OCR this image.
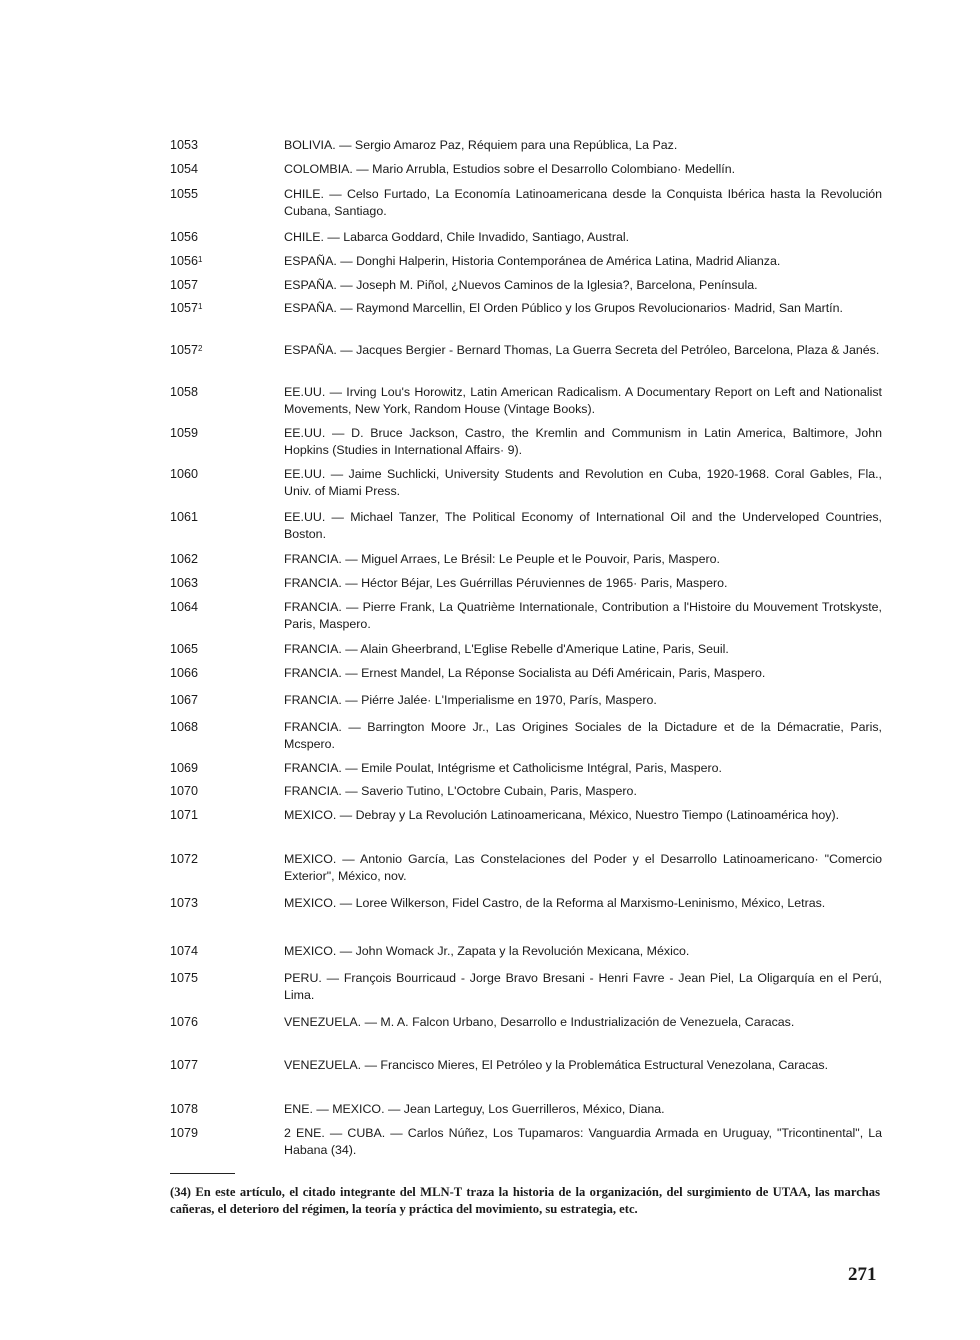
1053	BOLIVIA. — Sergio Amaroz Paz, Réquiem para una República, La Paz.
1054	COLOMBIA. — Mario Arrubla, Estudios sobre el Desarrollo Colombiano· Medellín.
1055	CHILE. — Celso Furtado, La Economía Latinoamericana desde la Conquista Ibérica hasta la Revolución Cubana, Santiago.
1056	CHILE. — Labarca Goddard, Chile Invadido, Santiago, Austral.
1056$^1$	ESPAÑA. — Donghi Halperin, Historia Contemporánea de América Latina, Madrid Alianza.
1057	ESPAÑA. — Joseph M. Piñol, ¿Nuevos Caminos de la Iglesia?, Barcelona, Península.
1057$^1$	ESPAÑA. — Raymond Marcellin, El Orden Público y los Grupos Revolucionarios· Madrid, San Martín.
1057$^2$	ESPAÑA. — Jacques Bergier - Bernard Thomas, La Guerra Secreta del Petróleo, Barcelona, Plaza & Janés.
1058	EE.UU. — Irving Lou's Horowitz, Latin American Radicalism. A Documentary Report on Left and Nationalist Movements, New York, Random House (Vintage Books).
1059	EE.UU. — D. Bruce Jackson, Castro, the Kremlin and Communism in Latin America, Baltimore, John Hopkins (Studies in International Affairs· 9).
1060	EE.UU. — Jaime Suchlicki, University Students and Revolution en Cuba, 1920-1968. Coral Gables, Fla., Univ. of Miami Press.
1061	EE.UU. — Michael Tanzer, The Political Economy of International Oil and the Underveloped Countries, Boston.
1062	FRANCIA. — Miguel Arraes, Le Brésil: Le Peuple et le Pouvoir, Paris, Maspero.
1063	FRANCIA. — Héctor Béjar, Les Guérrillas Péruviennes de 1965· Paris, Maspero.
1064	FRANCIA. — Pierre Frank, La Quatrième Internationale, Contribution a l'Histoire du Mouvement Trotskyste, Paris, Maspero.
1065	FRANCIA. — Alain Gheerbrand, L'Eglise Rebelle d'Amerique Latine, Paris, Seuil.
1066	FRANCIA. — Ernest Mandel, La Réponse Socialista au Défi Américain, Paris, Maspero.
1067	FRANCIA. — Piérre Jalée· L'Imperialisme en 1970, París, Maspero.
1068	FRANCIA. — Barrington Moore Jr., Las Origines Sociales de la Dictadure et de la Démacratie, Paris, Mcspero.
1069	FRANCIA. — Emile Poulat, Intégrisme et Catholicisme Intégral, Paris, Maspero.
1070	FRANCIA. — Saverio Tutino, L'Octobre Cubain, Paris, Maspero.
1071	MEXICO. — Debray y La Revolución Latinoamericana, México, Nuestro Tiempo (Latinoamérica hoy).
1072	MEXICO. — Antonio García, Las Constelaciones del Poder y el Desarrollo Latinoamericano· "Comercio Exterior", México, nov.
1073	MEXICO. — Loree Wilkerson, Fidel Castro, de la Reforma al Marxismo-Leninismo, México, Letras.
1074	MEXICO. — John Womack Jr., Zapata y la Revolución Mexicana, México.
1075	PERU. — François Bourricaud - Jorge Bravo Bresani - Henri Favre - Jean Piel, La Oligarquía en el Perú, Lima.
1076	VENEZUELA. — M. A. Falcon Urbano, Desarrollo e Industrialización de Venezuela, Caracas.
1077	VENEZUELA. — Francisco Mieres, El Petróleo y la Problemática Estructural Venezolana, Caracas.
1078	ENE. — MEXICO. — Jean Larteguy, Los Guerrilleros, México, Diana.
1079	2 ENE. — CUBA. — Carlos Núñez, Los Tupamaros: Vanguardia Armada en Uruguay, "Tricontinental", La Habana (34).
(34) En este artículo, el citado integrante del MLN-T traza la historia de la organización, del surgimiento de UTAA, las marchas cañeras, el deterioro del régimen, la teoría y práctica del movimiento, su estrategia, etc.
271
